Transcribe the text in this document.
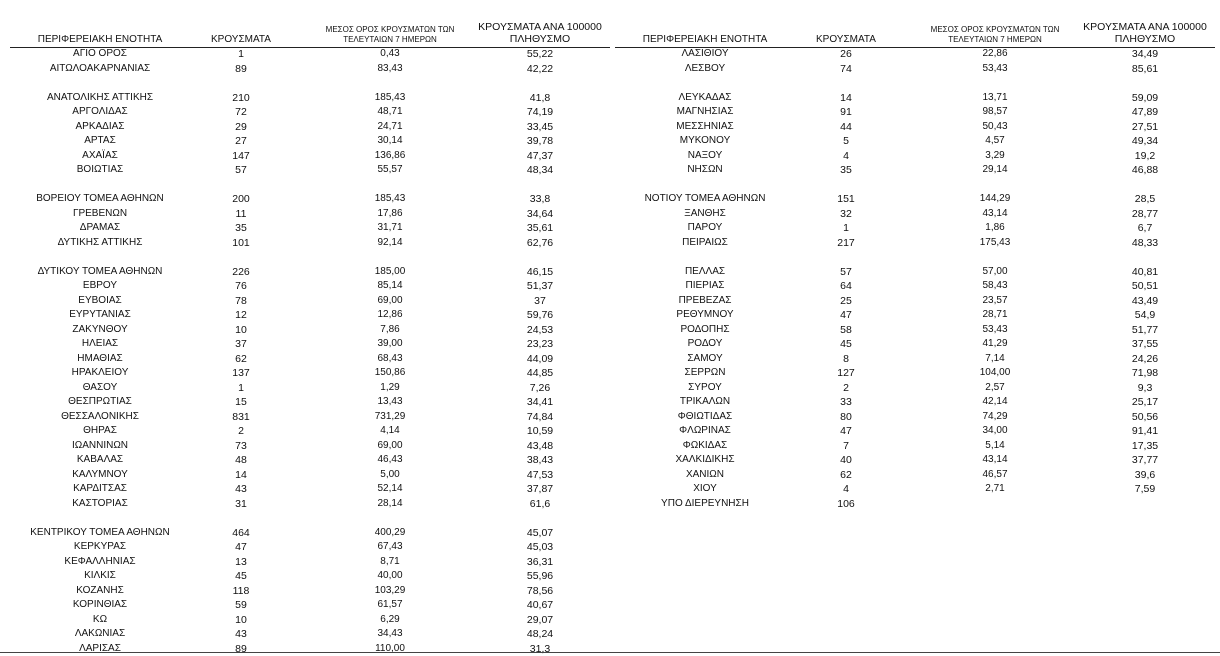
ΠΕΡΙΦΕΡΕΙΑΚΗ ΕΝΟΤΗΤΑ	ΚΡΟΥΣΜΑΤΑ
ΜΕΣΟΣ ΟΡΟΣ ΚΡΟΥΣΜΑΤΩΝ ΤΩΝ
ΤΕΛΕΥΤΑΙΩΝ 7 ΗΜΕΡΩΝ
ΚΡΟΥΣΜΑΤΑ ΑΝΑ 100000
ΠΛΗΘΥΣΜΟ
ΑΓΙΟ ΟΡΟΣ	1	0,43	55,22
ΑΙΤΩΛΟΑΚΑΡΝΑΝΙΑΣ	89	83,43	42,22
ΑΝΑΤΟΛΙΚΗΣ ΑΤΤΙΚΗΣ	210	185,43	41,8
ΑΡΓΟΛΙΔΑΣ	72	48,71	74,19
ΑΡΚΑΔΙΑΣ	29	24,71	33,45
ΑΡΤΑΣ	27	30,14	39,78
ΑΧΑΪΑΣ	147	136,86	47,37
ΒΟΙΩΤΙΑΣ	57	55,57	48,34
ΒΟΡΕΙΟΥ ΤΟΜΕΑ ΑΘΗΝΩΝ	200	185,43	33,8
ΓΡΕΒΕΝΩΝ	11	17,86	34,64
ΔΡΑΜΑΣ	35	31,71	35,61
ΔΥΤΙΚΗΣ ΑΤΤΙΚΗΣ	101	92,14	62,76
ΔΥΤΙΚΟΥ ΤΟΜΕΑ ΑΘΗΝΩΝ	226	185,00	46,15
ΕΒΡΟΥ	76	85,14	51,37
ΕΥΒΟΙΑΣ	78	69,00	37
ΕΥΡΥΤΑΝΙΑΣ	12	12,86	59,76
ΖΑΚΥΝΘΟΥ	10	7,86	24,53
ΗΛΕΙΑΣ	37	39,00	23,23
ΗΜΑΘΙΑΣ	62	68,43	44,09
ΗΡΑΚΛΕΙΟΥ	137	150,86	44,85
ΘΑΣΟΥ	1	1,29	7,26
ΘΕΣΠΡΩΤΙΑΣ	15	13,43	34,41
ΘΕΣΣΑΛΟΝΙΚΗΣ	831	731,29	74,84
ΘΗΡΑΣ	2	4,14	10,59
ΙΩΑΝΝΙΝΩΝ	73	69,00	43,48
ΚΑΒΑΛΑΣ	48	46,43	38,43
ΚΑΛΥΜΝΟΥ	14	5,00	47,53
ΚΑΡΔΙΤΣΑΣ	43	52,14	37,87
ΚΑΣΤΟΡΙΑΣ	31	28,14	61,6
ΚΕΝΤΡΙΚΟΥ ΤΟΜΕΑ ΑΘΗΝΩΝ	464	400,29	45,07
ΚΕΡΚΥΡΑΣ	47	67,43	45,03
ΚΕΦΑΛΛΗΝΙΑΣ	13	8,71	36,31
ΚΙΛΚΙΣ	45	40,00	55,96
ΚΟΖΑΝΗΣ	118	103,29	78,56
ΚΟΡΙΝΘΙΑΣ	59	61,57	40,67
ΚΩ	10	6,29	29,07
ΛΑΚΩΝΙΑΣ	43	34,43	48,24
ΛΑΡΙΣΑΣ	89	110,00	31,3
ΠΕΡΙΦΕΡΕΙΑΚΗ ΕΝΟΤΗΤΑ	ΚΡΟΥΣΜΑΤΑ
ΜΕΣΟΣ ΟΡΟΣ ΚΡΟΥΣΜΑΤΩΝ ΤΩΝ
ΤΕΛΕΥΤΑΙΩΝ 7 ΗΜΕΡΩΝ
ΚΡΟΥΣΜΑΤΑ ΑΝΑ 100000
ΠΛΗΘΥΣΜΟ
ΛΑΣΙΘΙΟΥ	26	22,86	34,49
ΛΕΣΒΟΥ	74	53,43	85,61
ΛΕΥΚΑΔΑΣ	14	13,71	59,09
ΜΑΓΝΗΣΙΑΣ	91	98,57	47,89
ΜΕΣΣΗΝΙΑΣ	44	50,43	27,51
ΜΥΚΟΝΟΥ	5	4,57	49,34
ΝΑΞΟΥ	4	3,29	19,2
ΝΗΣΩΝ	35	29,14	46,88
ΝΟΤΙΟΥ ΤΟΜΕΑ ΑΘΗΝΩΝ	151	144,29	28,5
ΞΑΝΘΗΣ	32	43,14	28,77
ΠΑΡΟΥ	1	1,86	6,7
ΠΕΙΡΑΙΩΣ	217	175,43	48,33
ΠΕΛΛΑΣ	57	57,00	40,81
ΠΙΕΡΙΑΣ	64	58,43	50,51
ΠΡΕΒΕΖΑΣ	25	23,57	43,49
ΡΕΘΥΜΝΟΥ	47	28,71	54,9
ΡΟΔΟΠΗΣ	58	53,43	51,77
ΡΟΔΟΥ	45	41,29	37,55
ΣΑΜΟΥ	8	7,14	24,26
ΣΕΡΡΩΝ	127	104,00	71,98
ΣΥΡΟΥ	2	2,57	9,3
ΤΡΙΚΑΛΩΝ	33	42,14	25,17
ΦΘΙΩΤΙΔΑΣ	80	74,29	50,56
ΦΛΩΡΙΝΑΣ	47	34,00	91,41
ΦΩΚΙΔΑΣ	7	5,14	17,35
ΧΑΛΚΙΔΙΚΗΣ	40	43,14	37,77
ΧΑΝΙΩΝ	62	46,57	39,6
ΧΙΟΥ	4	2,71	7,59
ΥΠΟ ΔΙΕΡΕΥΝΗΣΗ	106
